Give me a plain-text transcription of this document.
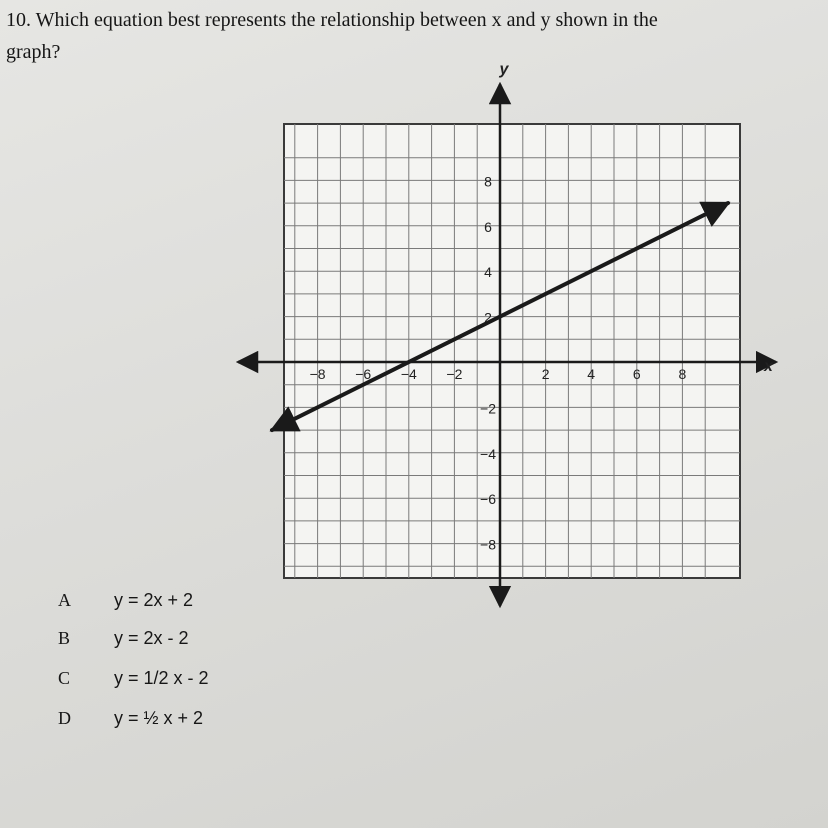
10. Which equation best represents the relationship between x and y shown in the
graph?
−8 −6 −4 −2	2	4	6	8
8
6
4
2
−2
−4
−6
−8
x
y
A y = 2x + 2
B y = 2x - 2
C y = 1/2 x - 2
D y = ½ x + 2
